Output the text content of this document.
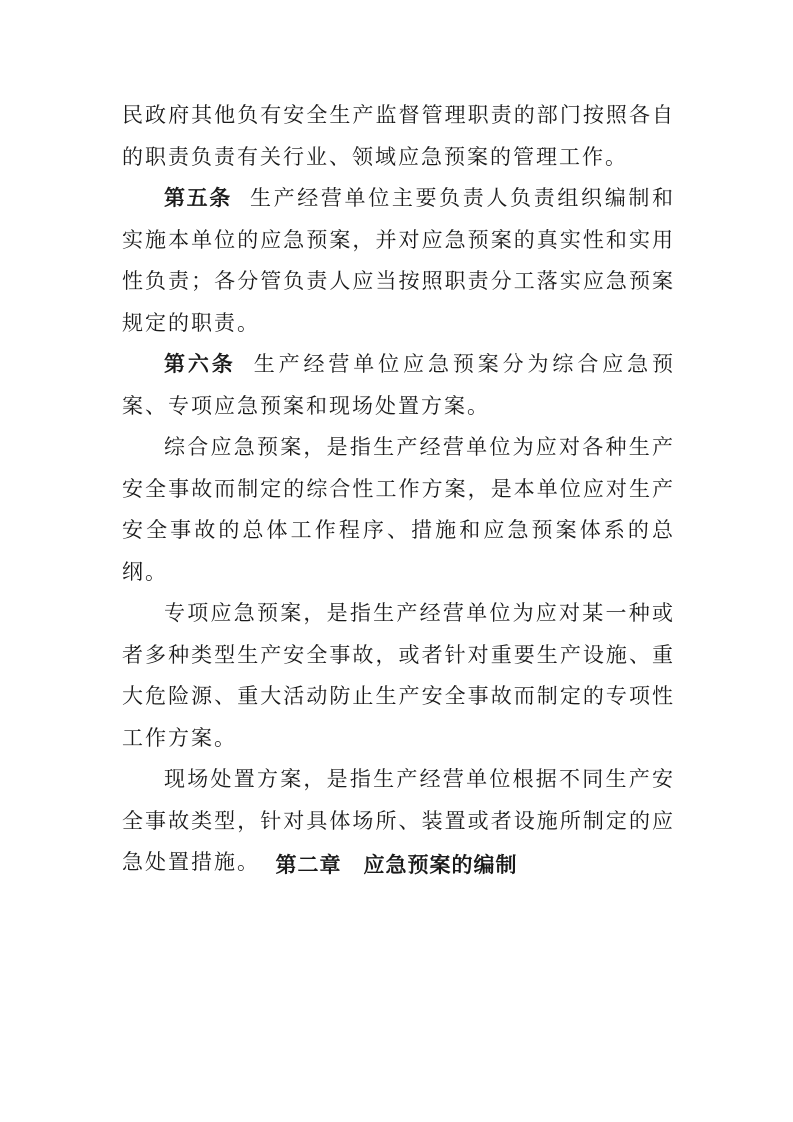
民政府其他负有安全生产监督管理职责的部门按照各自的职责负责有关行业、领域应急预案的管理工作。

第五条 生产经营单位主要负责人负责组织编制和实施本单位的应急预案，并对应急预案的真实性和实用性负责；各分管负责人应当按照职责分工落实应急预案规定的职责。

第六条 生产经营单位应急预案分为综合应急预案、专项应急预案和现场处置方案。

综合应急预案，是指生产经营单位为应对各种生产安全事故而制定的综合性工作方案，是本单位应对生产安全事故的总体工作程序、措施和应急预案体系的总纲。

专项应急预案，是指生产经营单位为应对某一种或者多种类型生产安全事故，或者针对重要生产设施、重大危险源、重大活动防止生产安全事故而制定的专项性工作方案。

现场处置方案，是指生产经营单位根据不同生产安全事故类型，针对具体场所、装置或者设施所制定的应急处置措施。 第二章 应急预案的编制
